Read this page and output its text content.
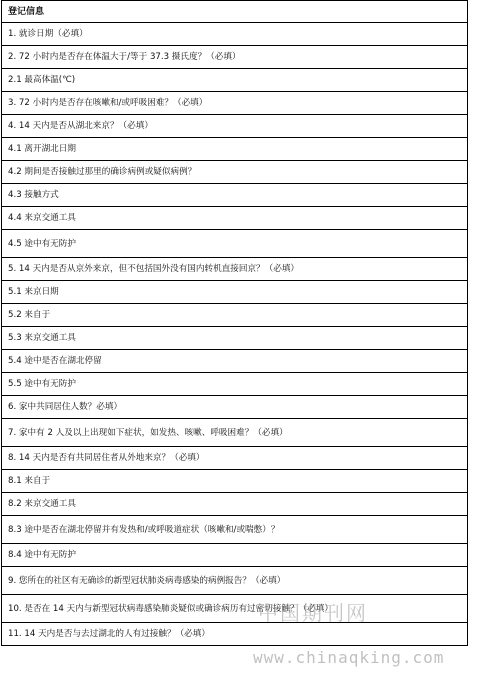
登记信息
1. 就诊日期（必填）
2. 72 小时内是否存在体温大于/等于 37.3 摄氏度？（必填）
2.1 最高体温(℃)
3. 72 小时内是否存在咳嗽和/或呼吸困难？（必填）
4. 14 天内是否从湖北来京？（必填）
4.1 离开湖北日期
4.2 期间是否接触过那里的确诊病例或疑似病例？
4.3 接触方式
4.4 来京交通工具
4.5 途中有无防护
5. 14 天内是否从京外来京，但不包括国外没有国内转机直接回京？（必填）
5.1 来京日期
5.2 来自于
5.3 来京交通工具
5.4 途中是否在湖北停留
5.5 途中有无防护
6. 家中共同居住人数？必填）
7. 家中有 2 人及以上出现如下症状，如发热、咳嗽、呼吸困难？（必填）
8. 14 天内是否有共同居住者从外地来京？（必填）
8.1 来自于
8.2 来京交通工具
8.3 途中是否在湖北停留并有发热和/或呼吸道症状（咳嗽和/或喘憋）？
8.4 途中有无防护
9. 您所在的社区有无确诊的新型冠状肺炎病毒感染的病例报告？（必填）
10. 是否在 14 天内与新型冠状病毒感染肺炎疑似或确诊病历有过密切接触？（必填）
11. 14 天内是否与去过湖北的人有过接触？（必填）
中国期刊网
www.chinaqking.com
